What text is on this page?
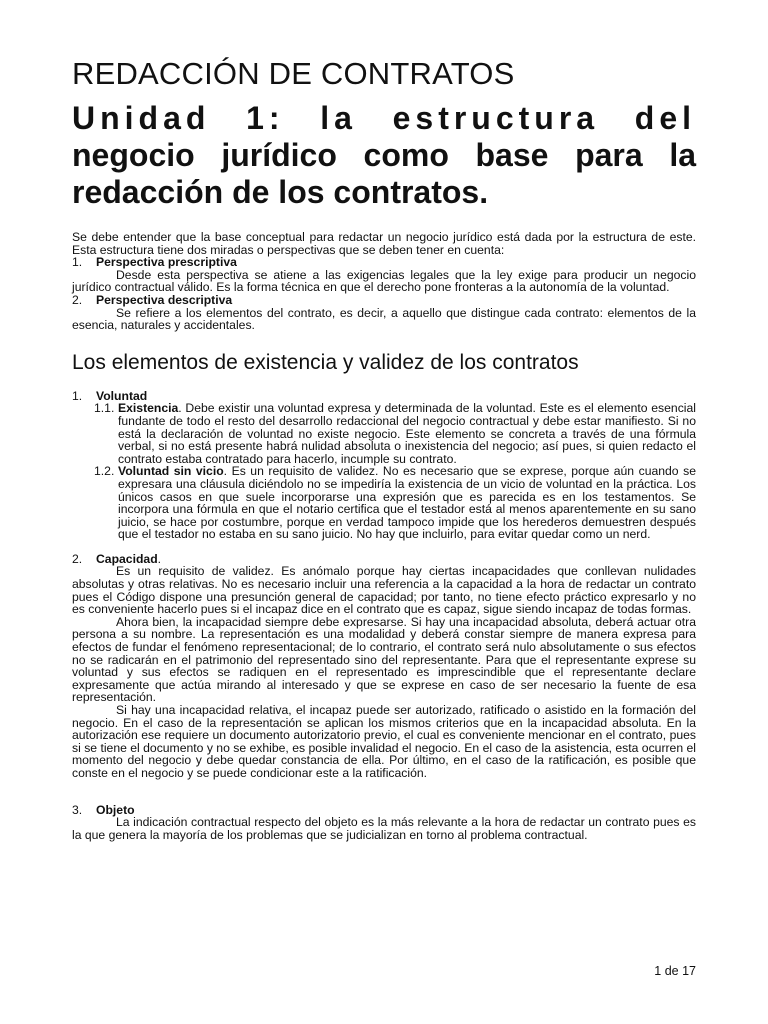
REDACCIÓN DE CONTRATOS
Unidad 1: la estructura del negocio jurídico como base para la redacción de los contratos.

Se debe entender que la base conceptual para redactar un negocio jurídico está dada por la estructura de este. Esta estructura tiene dos miradas o perspectivas que se deben tener en cuenta:

1.	Perspectiva prescriptiva

Desde esta perspectiva se atiene a las exigencias legales que la ley exige para producir un negocio jurídico contractual válido. Es la forma técnica en que el derecho pone fronteras a la autonomía de la voluntad.

2.	Perspectiva descriptiva

Se refiere a los elementos del contrato, es decir, a aquello que distingue cada contrato: elementos de la esencia, naturales y accidentales.

Los elementos de existencia y validez de los contratos
1.	Voluntad
1.1. Existencia. Debe existir una voluntad expresa y determinada de la voluntad. Este es el elemento esencial fundante de todo el resto del desarrollo redaccional del negocio contractual y debe estar manifiesto. Si no está la declaración de voluntad no existe negocio. Este elemento se concreta a través de una fórmula verbal, si no está presente habrá nulidad absoluta o inexistencia del negocio; así pues, si quien redacto el contrato estaba contratado para hacerlo, incumple su contrato.
1.2. Voluntad sin vicio. Es un requisito de validez. No es necesario que se exprese, porque aún cuando se expresara una cláusula diciéndolo no se impediría la existencia de un vicio de voluntad en la práctica. Los únicos casos en que suele incorporarse una expresión que es parecida es en los testamentos. Se incorpora una fórmula en que el notario certifica que el testador está al menos aparentemente en su sano juicio, se hace por costumbre, porque en verdad tampoco impide que los herederos demuestren después que el testador no estaba en su sano juicio. No hay que incluirlo, para evitar quedar como un nerd.
2.	Capacidad.

Es un requisito de validez. Es anómalo porque hay ciertas incapacidades que conllevan nulidades absolutas y otras relativas. No es necesario incluir una referencia a la capacidad a la hora de redactar un contrato pues el Código dispone una presunción general de capacidad; por tanto, no tiene efecto práctico expresarlo y no es conveniente hacerlo pues si el incapaz dice en el contrato que es capaz, sigue siendo incapaz de todas formas.

Ahora bien, la incapacidad siempre debe expresarse. Si hay una incapacidad absoluta, deberá actuar otra persona a su nombre. La representación es una modalidad y deberá constar siempre de manera expresa para efectos de fundar el fenómeno representacional; de lo contrario, el contrato será nulo absolutamente o sus efectos no se radicarán en el patrimonio del representado sino del representante. Para que el representante exprese su voluntad y sus efectos se radiquen en el representado es imprescindible que el representante declare expresamente que actúa mirando al interesado y que se exprese en caso de ser necesario la fuente de esa representación.

Si hay una incapacidad relativa, el incapaz puede ser autorizado, ratificado o asistido en la formación del negocio. En el caso de la representación se aplican los mismos criterios que en la incapacidad absoluta. En la autorización ese requiere un documento autorizatorio previo, el cual es conveniente mencionar en el contrato, pues si se tiene el documento y no se exhibe, es posible invalidad el negocio. En el caso de la asistencia, esta ocurren el momento del negocio y debe quedar constancia de ella. Por último, en el caso de la ratificación, es posible que conste en el negocio y se puede condicionar este a la ratificación.

3.	Objeto

La indicación contractual respecto del objeto es la más relevante a la hora de redactar un contrato pues es la que genera la mayoría de los problemas que se judicializan en torno al problema contractual.

1 de 17
